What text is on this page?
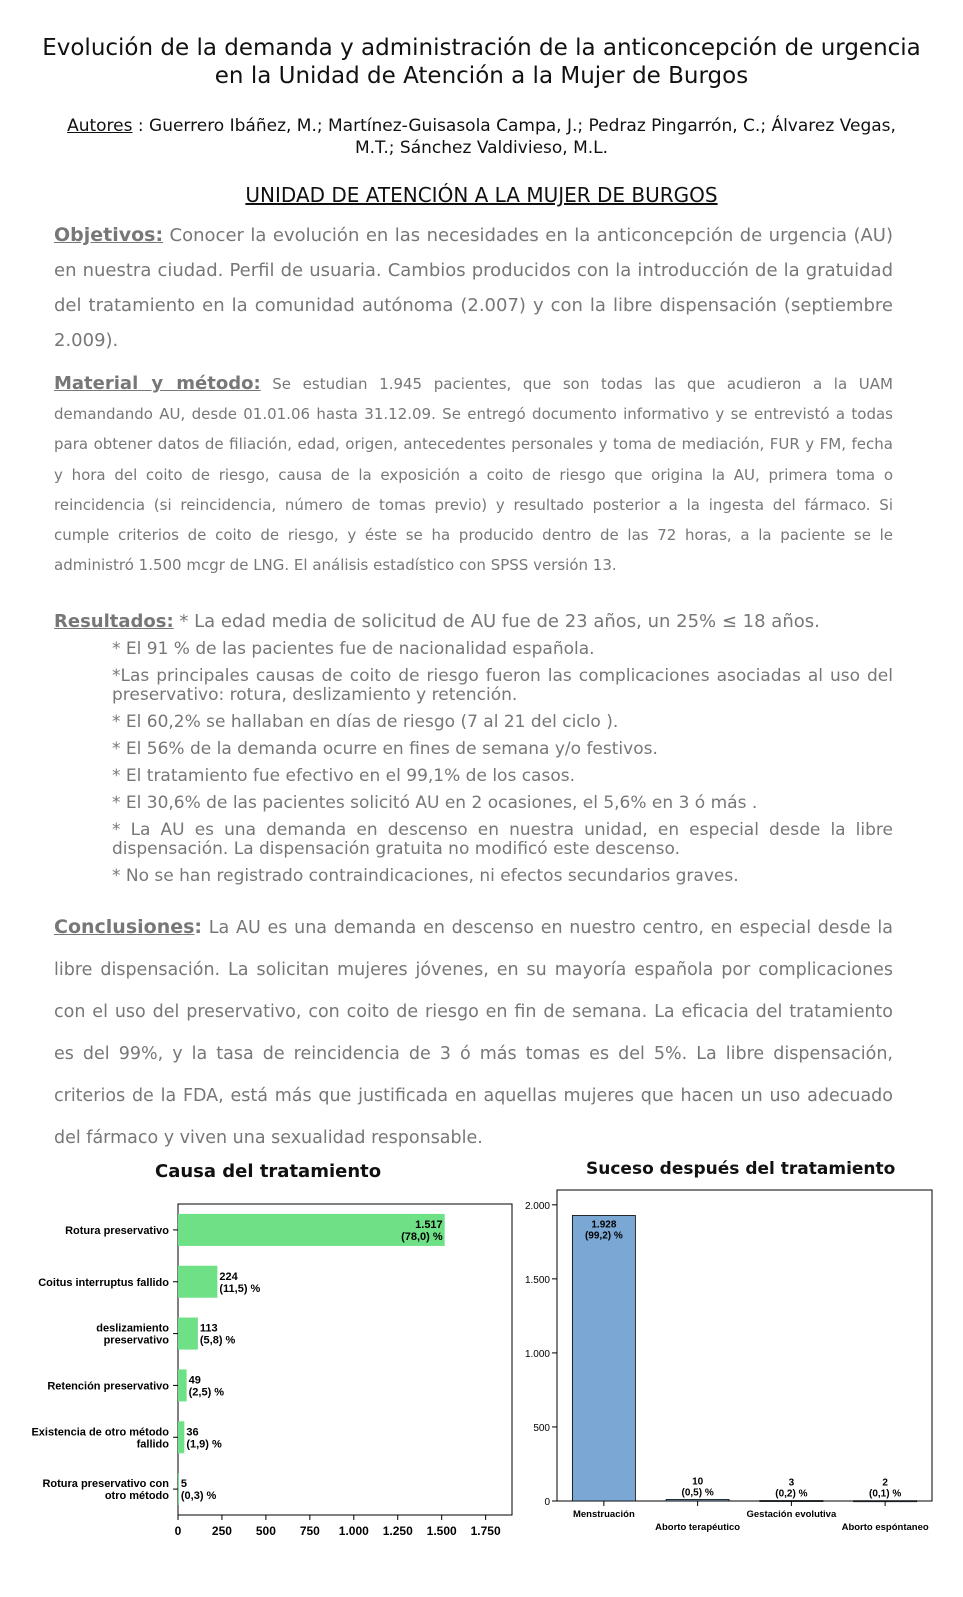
Evolución de la demanda y administración de la anticoncepción de urgencia en la Unidad de Atención a la Mujer de Burgos
Autores : Guerrero Ibáñez, M.; Martínez-Guisasola Campa, J.; Pedraz Pingarrón, C.; Álvarez Vegas, M.T.; Sánchez Valdivieso, M.L.
UNIDAD DE ATENCIÓN A LA MUJER DE BURGOS
Objetivos: Conocer la evolución en las necesidades en la anticoncepción de urgencia (AU) en nuestra ciudad. Perfil de usuaria. Cambios producidos con la introducción de la gratuidad del tratamiento en la comunidad autónoma (2.007) y con la libre dispensación (septiembre 2.009).
Material y método: Se estudian 1.945 pacientes, que son todas las que acudieron a la UAM demandando AU, desde 01.01.06 hasta 31.12.09. Se entregó documento informativo y se entrevistó a todas para obtener datos de filiación, edad, origen, antecedentes personales y toma de mediación, FUR y FM, fecha y hora del coito de riesgo, causa de la exposición a coito de riesgo que origina la AU, primera toma o reincidencia (si reincidencia, número de tomas previo) y resultado posterior a la ingesta del fármaco. Si cumple criterios de coito de riesgo, y éste se ha producido dentro de las 72 horas, a la paciente se le administró 1.500 mcgr de LNG. El análisis estadístico con SPSS versión 13.
Resultados: * La edad media de solicitud de AU fue de 23 años, un 25% ≤ 18 años.
* El 91 % de las pacientes fue de nacionalidad española.
*Las principales causas de coito de riesgo fueron las complicaciones asociadas al uso del preservativo: rotura, deslizamiento y retención.
* El 60,2% se hallaban en días de riesgo (7 al 21 del ciclo ).
* El 56% de la demanda ocurre en fines de semana y/o festivos.
* El tratamiento fue efectivo en el 99,1% de los casos.
* El 30,6% de las pacientes solicitó AU en 2 ocasiones, el 5,6% en 3 ó más .
* La AU es una demanda en descenso en nuestra unidad, en especial desde la libre dispensación. La dispensación gratuita no modificó este descenso.
* No se han registrado contraindicaciones, ni efectos secundarios graves.
Conclusiones: La AU es una demanda en descenso en nuestro centro, en especial desde la libre dispensación. La solicitan mujeres jóvenes, en su mayoría española por complicaciones con el uso del preservativo, con coito de riesgo en fin de semana. La eficacia del tratamiento es del 99%, y la tasa de reincidencia de 3 ó más tomas es del 5%. La libre dispensación, criterios de la FDA, está más que justificada en aquellas mujeres que hacen un uso adecuado del fármaco y viven una sexualidad responsable.
Causa del tratamiento
Rotura preservativo	1.517
(78,0) %
Coitus interruptus fallido	224
(11,5) %
deslizamiento
preservativo
113
(5,8) %
Retención preservativo 49
(2,5) %
Existencia de otro método
fallido
36
(1,9) %
Rotura preservativo con
otro método
5
(0,3) %
0	250 500 750 1.000 1.250 1.500 1.750
Suceso después del tratamiento
0
500
1.000
1.500
2.000
1.928
(99,2) %
Menstruación
10
(0,5) %
Aborto terapéutico
3
(0,2) %
Gestación evolutiva
2
(0,1) %
Aborto espóntaneo
